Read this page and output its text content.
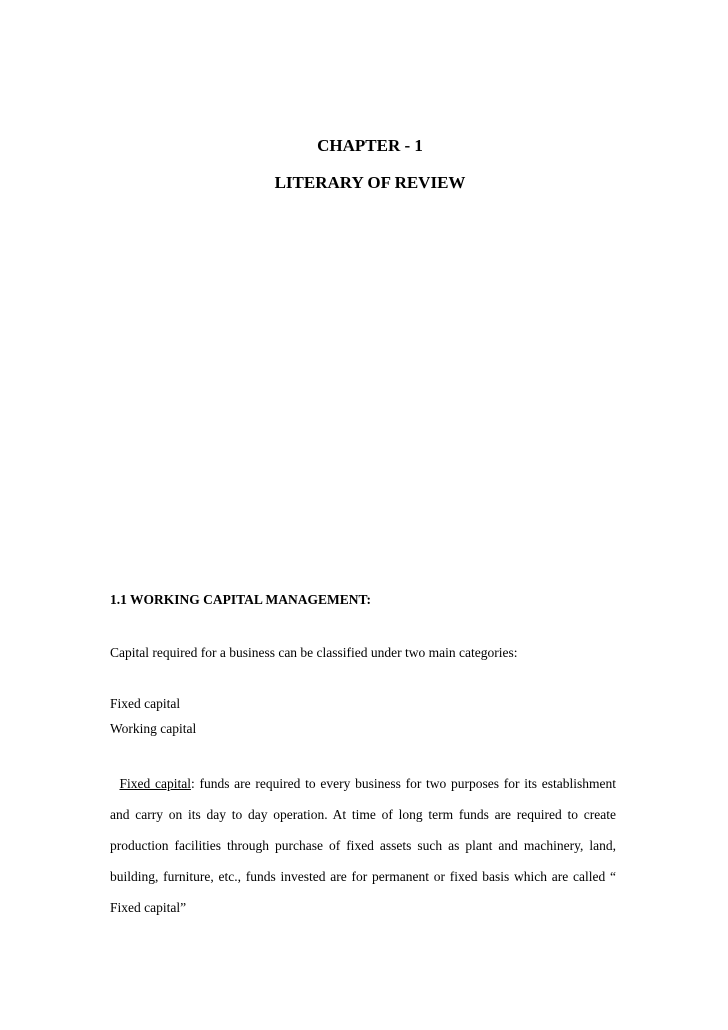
CHAPTER - 1
LITERARY OF REVIEW
1.1 WORKING CAPITAL MANAGEMENT:
Capital required for a business can be classified under two main categories:
Fixed capital
Working capital

Fixed capital: funds are required to every business for two purposes for its establishment and carry on its day to day operation. At time of long term funds are required to create production facilities through purchase of fixed assets such as plant and machinery, land, building, furniture, etc., funds invested are for permanent or fixed basis which are called “ Fixed capital”
